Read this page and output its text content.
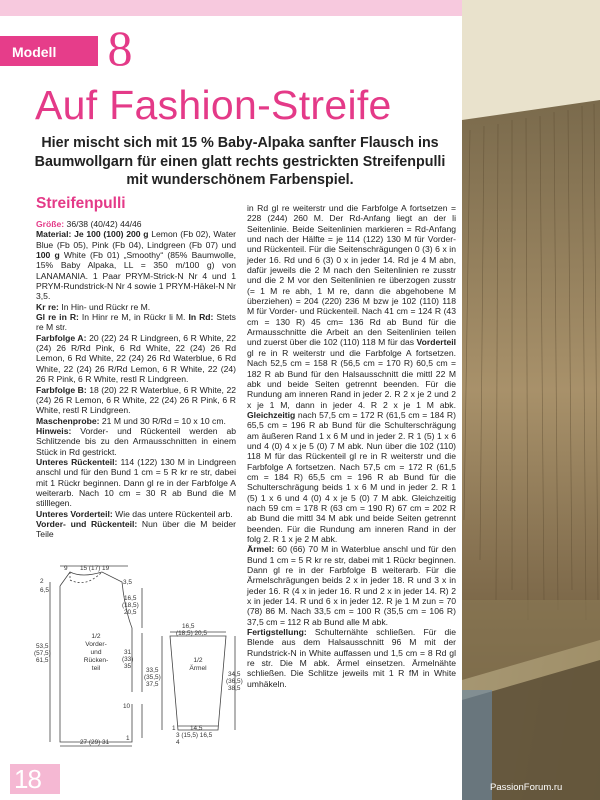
Modell 8
Auf Fashion-Streife
Hier mischt sich mit 15 % Baby-Alpaka sanfter Flausch ins Baumwollgarn für einen glatt rechts gestrickten Streifenpulli mit wunderschönem Farbenspiel.
Streifenpulli

Größe: 36/38 (40/42) 44/46

Material: Je 100 (100) 200 g Lemon (Fb 02), Water Blue (Fb 05), Pink (Fb 04), Lindgreen (Fb 07) und 100 g White (Fb 01) „Smoothy“ (85% Baumwolle, 15% Baby Alpaka, LL = 350 m/100 g) von LANAMANIA. 1 Paar PRYM-Strick-N Nr 4 und 1 PRYM-Rundstrick-N Nr 4 sowie 1 PRYM-Häkel-N Nr 3,5.

Kr re: In Hin- und Rückr re M.

Gl re in R: In Hinr re M, in Rückr li M. In Rd: Stets re M str.

Farbfolge A: 20 (22) 24 R Lindgreen, 6 R White, 22 (24) 26 R/Rd Pink, 6 Rd White, 22 (24) 26 Rd Lemon, 6 Rd White, 22 (24) 26 Rd Waterblue, 6 Rd White, 22 (24) 26 R/Rd Lemon, 6 R White, 22 (24) 26 R Pink, 6 R White, restl R Lindgreen.

Farbfolge B: 18 (20) 22 R Waterblue, 6 R White, 22 (24) 26 R Lemon, 6 R White, 22 (24) 26 R Pink, 6 R White, restl R Lindgreen.

Maschenprobe: 21 M und 30 R/Rd = 10 x 10 cm.

Hinweis: Vorder- und Rückenteil werden ab Schlitzende bis zu den Armausschnitten in einem Stück in Rd gestrickt.

Unteres Rückenteil: 114 (122) 130 M in Lindgreen anschl und für den Bund 1 cm = 5 R kr re str, dabei mit 1 Rückr beginnen. Dann gl re in der Farbfolge A weiterarb. Nach 10 cm = 30 R ab Bund die M stilllegen.

Unteres Vorderteil: Wie das untere Rückenteil arb.

Vorder- und Rückenteil: Nun über die M beider Teile

in Rd gl re weiterstr und die Farbfolge A fortsetzen = 228 (244) 260 M. Der Rd-Anfang liegt an der li Seitenlinie. Beide Seitenlinien markieren = Rd-Anfang und nach der Hälfte = je 114 (122) 130 M für Vorder- und Rückenteil. Für die Seitenschrägungen 0 (3) 6 x in jeder 16. Rd und 6 (3) 0 x in jeder 14. Rd je 4 M abn, dafür jeweils die 2 M nach den Seitenlinien re zusstr und die 2 M vor den Seitenlinien re überzogen zusstr (= 1 M re abh, 1 M re, dann die abgehobene M überziehen) = 204 (220) 236 M bzw je 102 (110) 118 M für Vorder- und Rückenteil. Nach 41 cm = 124 R (43 cm = 130 R) 45 cm= 136 Rd ab Bund für die Armausschnitte die Arbeit an den Seitenlinien teilen und zuerst über die 102 (110) 118 M für das Vorderteil gl re in R weiterstr und die Farbfolge A fortsetzen. Nach 52,5 cm = 158 R (56,5 cm = 170 R) 60,5 cm = 182 R ab Bund für den Halsausschnitt die mittl 22 M abk und beide Seiten getrennt beenden. Für die Rundung am inneren Rand in jeder 2. R 2 x je 2 und 2 x je 1 M, dann in jeder 4. R 2 x je 1 M abk. Gleichzeitig nach 57,5 cm = 172 R (61,5 cm = 184 R) 65,5 cm = 196 R ab Bund für die Schulterschrägung am äußeren Rand 1 x 6 M und in jeder 2. R 1 (5) 1 x 6 und 4 (0) 4 x je 5 (0) 7 M abk. Nun über die 102 (110) 118 M für das Rückenteil gl re in R weiterstr und die Farbfolge A fortsetzen. Nach 57,5 cm = 172 R (61,5 cm = 184 R) 65,5 cm = 196 R ab Bund für die Schulterschrägung beids 1 x 6 M und in jeder 2. R 1 (5) 1 x 6 und 4 (0) 4 x je 5 (0) 7 M abk. Gleichzeitig nach 59 cm = 178 R (63 cm = 190 R) 67 cm = 202 R ab Bund die mittl 34 M abk und beide Seiten getrennt beenden. Für die Rundung am inneren Rand in der folg 2. R 1 x je 2 M abk.

Ärmel: 60 (66) 70 M in Waterblue anschl und für den Bund 1 cm = 5 R kr re str, dabei mit 1 Rückr beginnen. Dann gl re in der Farbfolge B weiterarb. Für die Ärmelschrägungen beids 2 x in jeder 18. R und 3 x in jeder 16. R (4 x in jeder 16. R und 2 x in jeder 14. R) 2 x in jeder 14. R und 6 x in jeder 12. R je 1 M zun = 70 (78) 86 M. Nach 33,5 cm = 100 R (35,5 cm = 106 R) 37,5 cm = 112 R ab Bund alle M abk.

Fertigstellung: Schulternähte schließen. Für die Blende aus dem Halsausschnitt 96 M mit der Rundstrick-N in White auffassen und 1,5 cm = 8 Rd gl re str. Die M abk. Ärmel einsetzen. Ärmelnähte schließen. Die Schlitze jeweils mit 1 R fM in White umhäkeln.

9 15 (17) 19
2
6,5
3,5
16,5
(18,5)
20,5
53,5
(57,5)
61,5
1/2
Vorder-
und
Rücken-
teil
31
(33)
35
10
1
27 (29) 31
16,5
(18,5) 20,5
1/2
Ärmel
33,5
(35,5)
37,5
34,5
(36,5)
38,5
1 14,5
3 (15,5) 16,5
4
18	PassionForum.ru
